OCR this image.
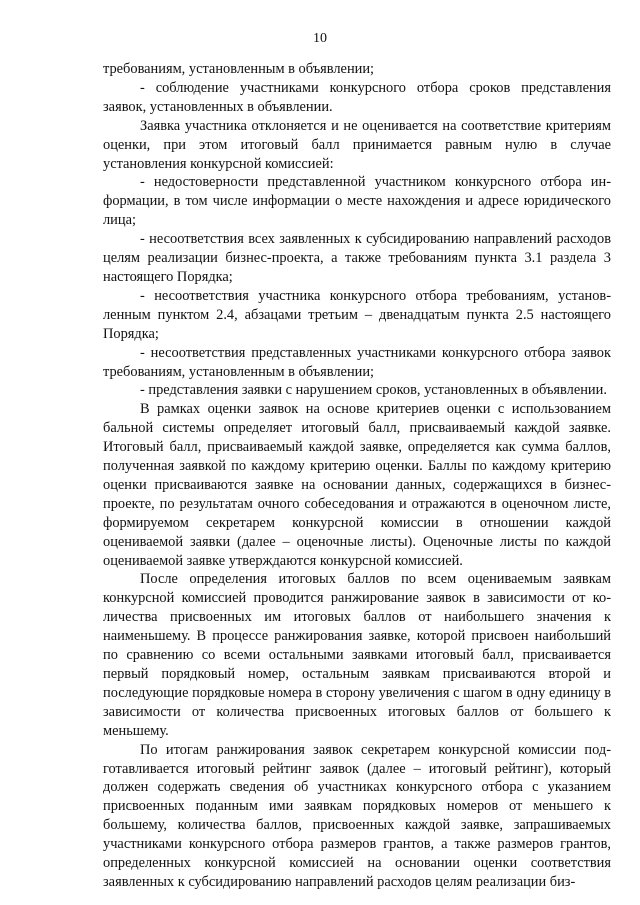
10

требованиям, установленным в объявлении;

- соблюдение участниками конкурсного отбора сроков представления заявок, установленных в объявлении.

Заявка участника отклоняется и не оценивается на соответствие критериям оценки, при этом итоговый балл принимается равным нулю в случае установления конкурсной комиссией:

- недостоверности представленной участником конкурсного отбора информации, в том числе информации о месте нахождения и адресе юридического лица;

- несоответствия всех заявленных к субсидированию направлений расходов целям реализации бизнес-проекта, а также требованиям пункта 3.1 раздела 3 настоящего Порядка;

- несоответствия участника конкурсного отбора требованиям, установленным пунктом 2.4, абзацами третьим – двенадцатым пункта 2.5 настоящего Порядка;

- несоответствия представленных участниками конкурсного отбора заявок требованиям, установленным в объявлении;

- представления заявки с нарушением сроков, установленных в объявлении.

В рамках оценки заявок на основе критериев оценки с использованием бальной системы определяет итоговый балл, присваиваемый каждой заявке. Итоговый балл, присваиваемый каждой заявке, определяется как сумма баллов, полученная заявкой по каждому критерию оценки. Баллы по каждому критерию оценки присваиваются заявке на основании данных, содержащихся в бизнес-проекте, по результатам очного собеседования и отражаются в оценочном листе, формируемом секретарем конкурсной комиссии в отношении каждой оцениваемой заявки (далее – оценочные листы). Оценочные листы по каждой оцениваемой заявке утверждаются конкурсной комиссией.

После определения итоговых баллов по всем оцениваемым заявкам конкурсной комиссией проводится ранжирование заявок в зависимости от количества присвоенных им итоговых баллов от наибольшего значения к наименьшему. В процессе ранжирования заявке, которой присвоен наибольший по сравнению со всеми остальными заявками итоговый балл, присваивается первый порядковый номер, остальным заявкам присваиваются второй и последующие порядковые номера в сторону увеличения с шагом в одну единицу в зависимости от количества присвоенных итоговых баллов от большего к меньшему.

По итогам ранжирования заявок секретарем конкурсной комиссии подготавливается итоговый рейтинг заявок (далее – итоговый рейтинг), который должен содержать сведения об участниках конкурсного отбора с указанием присвоенных поданным ими заявкам порядковых номеров от меньшего к большему, количества баллов, присвоенных каждой заявке, запрашиваемых участниками конкурсного отбора размеров грантов, а также размеров грантов, определенных конкурсной комиссией на основании оценки соответствия заявленных к субсидированию направлений расходов целям реализации биз-
